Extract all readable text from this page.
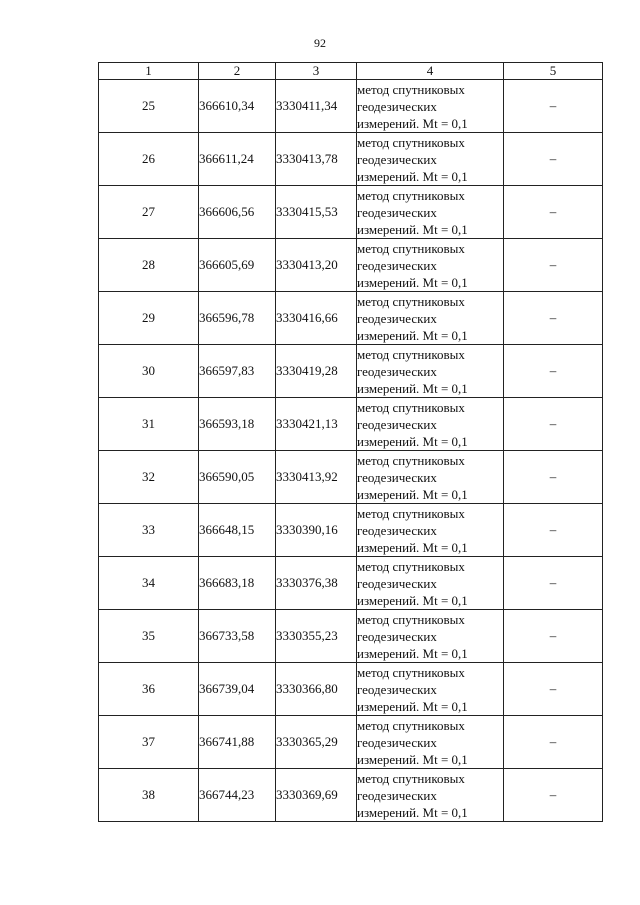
92
1	2	3	4	5
25	366610,34	3330411,34	метод спутниковых
геодезических
измерений. Mt = 0,1	–
26	366611,24	3330413,78	метод спутниковых
геодезических
измерений. Mt = 0,1	–
27	366606,56	3330415,53	метод спутниковых
геодезических
измерений. Mt = 0,1	–
28	366605,69	3330413,20	метод спутниковых
геодезических
измерений. Mt = 0,1	–
29	366596,78	3330416,66	метод спутниковых
геодезических
измерений. Mt = 0,1	–
30	366597,83	3330419,28	метод спутниковых
геодезических
измерений. Mt = 0,1	–
31	366593,18	3330421,13	метод спутниковых
геодезических
измерений. Mt = 0,1	–
32	366590,05	3330413,92	метод спутниковых
геодезических
измерений. Mt = 0,1	–
33	366648,15	3330390,16	метод спутниковых
геодезических
измерений. Mt = 0,1	–
34	366683,18	3330376,38	метод спутниковых
геодезических
измерений. Mt = 0,1	–
35	366733,58	3330355,23	метод спутниковых
геодезических
измерений. Mt = 0,1	–
36	366739,04	3330366,80	метод спутниковых
геодезических
измерений. Mt = 0,1	–
37	366741,88	3330365,29	метод спутниковых
геодезических
измерений. Mt = 0,1	–
38	366744,23	3330369,69	метод спутниковых
геодезических
измерений. Mt = 0,1	–
